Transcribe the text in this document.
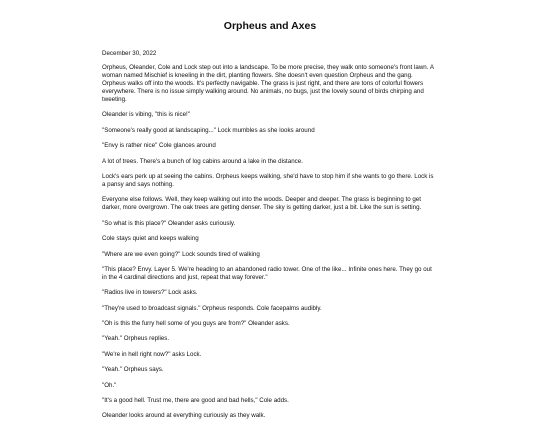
Orpheus and Axes

December 30, 2022

Orpheus, Oleander, Cole and Lock step out into a landscape. To be more precise, they walk onto someone's front lawn. A woman named Mischief is kneeling in the dirt, planting flowers. She doesn't even question Orpheus and the gang. Orpheus walks off into the woods. It's perfectly navigable. The grass is just right, and there are tons of colorful flowers everywhere. There is no issue simply walking around. No animals, no bugs, just the lovely sound of birds chirping and tweeting.

Oleander is vibing, "this is nice!"

"Someone's really good at landscaping..." Lock mumbles as she looks around

"Envy is rather nice" Cole glances around

A lot of trees. There's a bunch of log cabins around a lake in the distance.

Lock's ears perk up at seeing the cabins. Orpheus keeps walking, she'd have to stop him if she wants to go there. Lock is a pansy and says nothing.

Everyone else follows. Well, they keep walking out into the woods. Deeper and deeper. The grass is beginning to get darker, more overgrown. The oak trees are getting denser. The sky is getting darker, just a bit. Like the sun is setting.

"So what is this place?" Oleander asks curiously.

Cole stays quiet and keeps walking

"Where are we even going?" Lock sounds tired of walking

"This place? Envy. Layer 5. We're heading to an abandoned radio tower. One of the like... Infinite ones here. They go out in the 4 cardinal directions and just, repeat that way forever."

"Radios live in towers?" Lock asks.

"They're used to broadcast signals." Orpheus responds. Cole facepalms audibly.

"Oh is this the furry hell some of you guys are from?" Oleander asks.

"Yeah." Orpheus replies.

"We're in hell right now?" asks Lock.

"Yeah." Orpheus says.

"Oh."

"It's a good hell. Trust me, there are good and bad hells," Cole adds.

Oleander looks around at everything curiously as they walk.
